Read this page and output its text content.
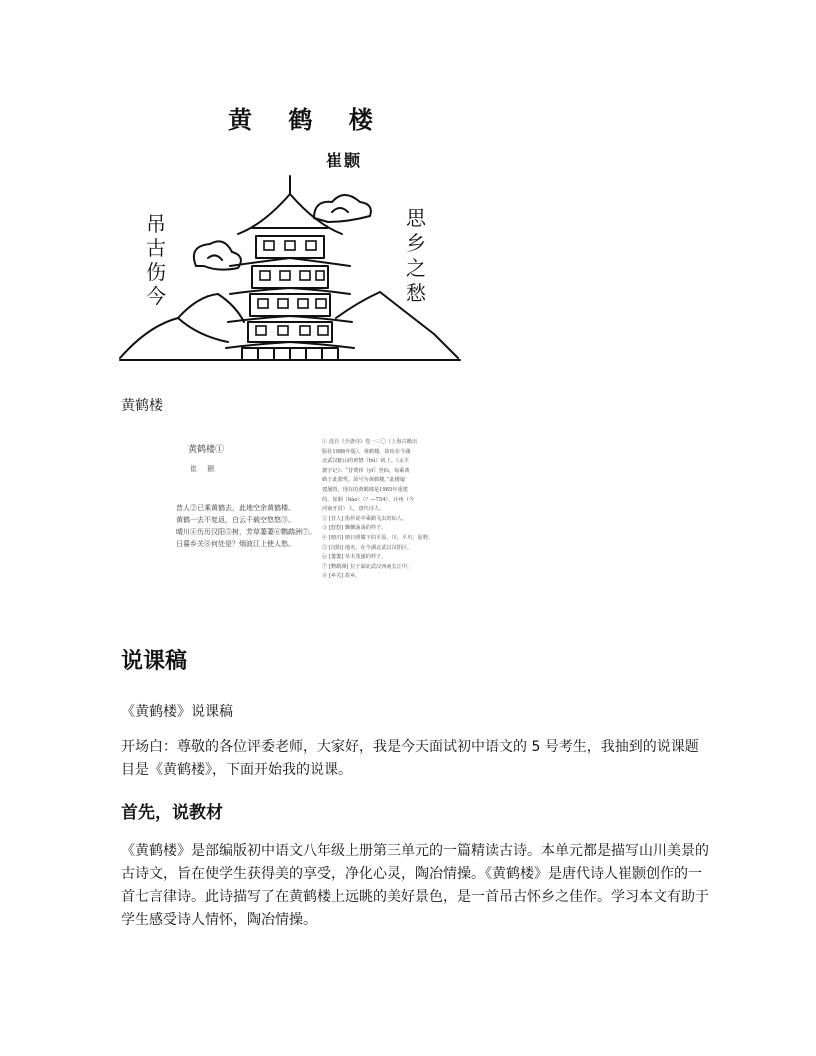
黄 鹤 楼
崔颢
吊古伤今
思乡之愁
黄鹤楼
黄鹤楼①
崔 颢
昔人②已乘黄鹤去，此地空余黄鹤楼。
黄鹤一去不复返，白云千载空悠悠③。
晴川④历历汉阳⑤树，芳草萋萋⑥鹦鹉洲⑦。
日暮乡关⑧何处是？烟波江上使人愁。
① 选自《全唐诗》卷一三〇（上海古籍出
版社1986年版）。黄鹤楼，故址在今湖
北武汉蛇山的黄鹄（hú）矶上。《太平
寰宇记》：“昔费祎（yī）登仙，每乘黄
鹤于此憩驾，故号为黄鹤楼。”此楼屡
建屡毁，现在的黄鹤楼是1985年重建
的。崔颢（hào）（？—754），汴州（今
河南开封）人，唐代诗人。
② [昔人] 指传说中乘鹤飞去的仙人。
③ [悠悠] 飘飘荡荡的样子。
④ [晴川] 晴日照耀下的平原。川，平川，原野。
⑤ [汉阳] 地名，在今湖北武汉汉阳区。
⑥ [萋萋] 草木茂盛的样子。
⑦ [鹦鹉洲] 位于湖北武汉西南长江中。
⑧ [乡关] 故乡。
说课稿
《黄鹤楼》说课稿
开场白：尊敬的各位评委老师，大家好，我是今天面试初中语文的 5 号考生，我抽到的说课题目是《黄鹤楼》，下面开始我的说课。
首先，说教材
《黄鹤楼》是部编版初中语文八年级上册第三单元的一篇精读古诗。本单元都是描写山川美景的古诗文，旨在使学生获得美的享受，净化心灵，陶冶情操。《黄鹤楼》是唐代诗人崔颢创作的一首七言律诗。此诗描写了在黄鹤楼上远眺的美好景色，是一首吊古怀乡之佳作。学习本文有助于学生感受诗人情怀，陶冶情操。
